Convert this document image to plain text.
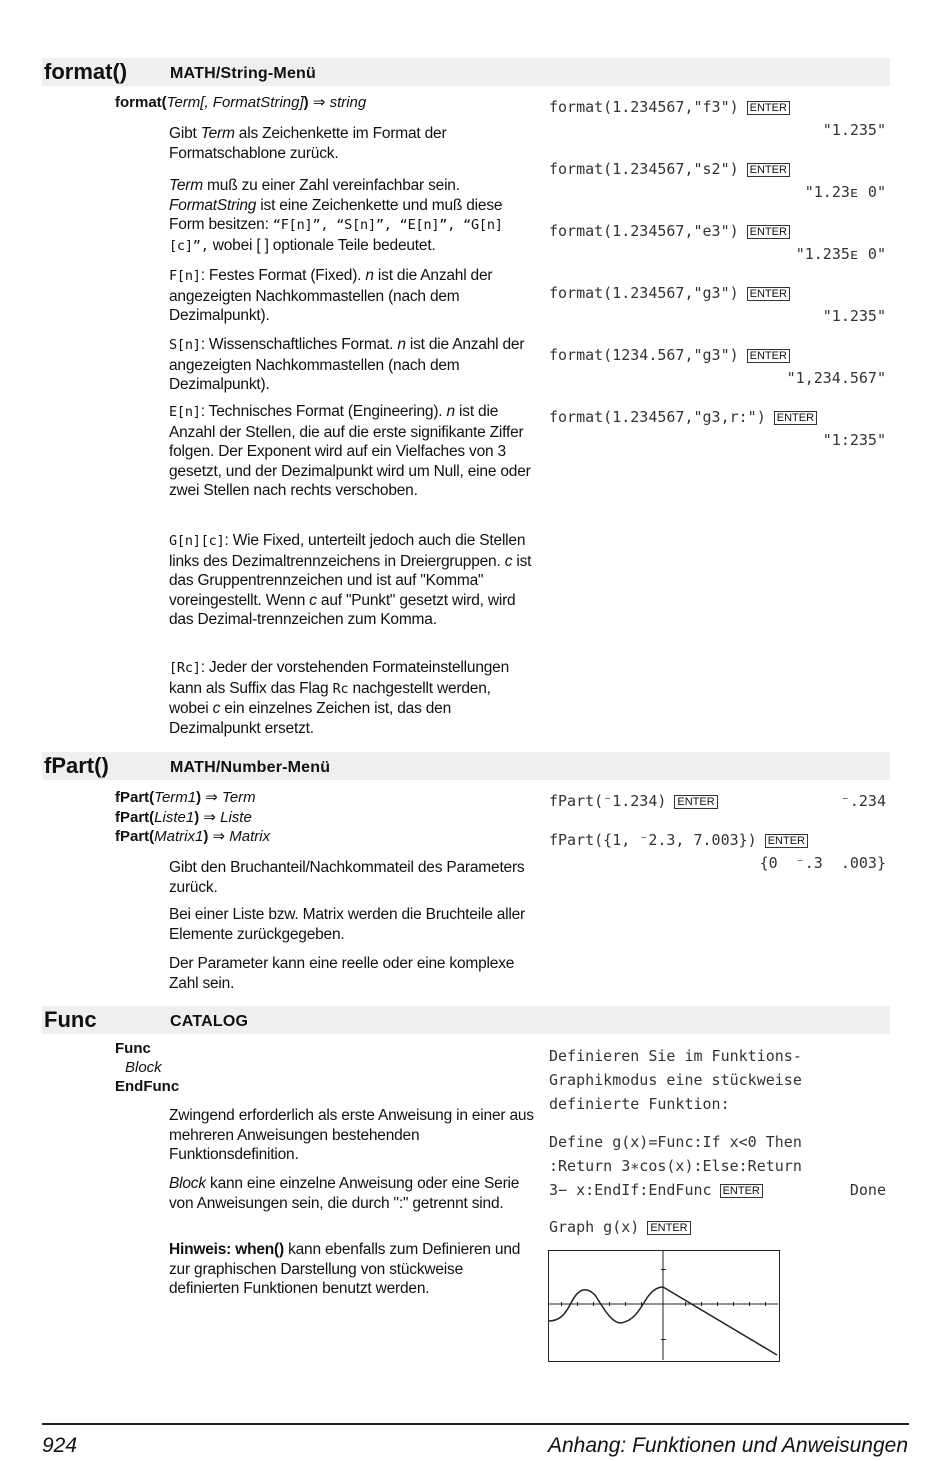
format()	MATH/String-Menü
format(Term[, FormatString]) ⇒ string

Gibt Term als Zeichenkette im Format der Formatschablone zurück.

Term muß zu einer Zahl vereinfachbar sein. FormatString ist eine Zeichenkette und muß diese Form besitzen: “F[n]”, “S[n]”, “E[n]”, “G[n][c]”, wobei [ ] optionale Teile bedeutet.

F[n]: Festes Format (Fixed). n ist die Anzahl der angezeigten Nachkommastellen (nach dem Dezimalpunkt).

S[n]: Wissenschaftliches Format. n ist die Anzahl der angezeigten Nachkommastellen (nach dem Dezimalpunkt).

E[n]: Technisches Format (Engineering). n ist die Anzahl der Stellen, die auf die erste signifikante Ziffer folgen. Der Exponent wird auf ein Vielfaches von 3 gesetzt, und der Dezimalpunkt wird um Null, eine oder zwei Stellen nach rechts verschoben.

G[n][c]: Wie Fixed, unterteilt jedoch auch die Stellen links des Dezimaltrennzeichens in Dreiergruppen. c ist das Gruppentrennzeichen und ist auf "Komma" voreingestellt. Wenn c auf "Punkt" gesetzt wird, wird das Dezimal-trennzeichen zum Komma.

[Rc]: Jeder der vorstehenden Formateinstellungen kann als Suffix das Flag Rc nachgestellt werden, wobei c ein einzelnes Zeichen ist, das den Dezimalpunkt ersetzt.

format(1.234567,"f3") ENTER
"1.235"
format(1.234567,"s2") ENTER
"1.23ᴇ 0"
format(1.234567,"e3") ENTER
"1.235ᴇ 0"
format(1.234567,"g3") ENTER
"1.235"
format(1234.567,"g3") ENTER
"1,234.567"
format(1.234567,"g3,r:") ENTER
"1:235"
fPart()	MATH/Number-Menü
fPart(Term1) ⇒ Term
fPart(Liste1) ⇒ Liste
fPart(Matrix1) ⇒ Matrix
Gibt den Bruchanteil/Nachkommateil des Parameters zurück.
Bei einer Liste bzw. Matrix werden die Bruchteile aller Elemente zurückgegeben.
Der Parameter kann eine reelle oder eine komplexe Zahl sein.
fPart(⁻1.234) ENTER	⁻.234
fPart({1, ⁻2.3, 7.003}) ENTER
{0  ⁻.3  .003}
Func	CATALOG
Func
Block
EndFunc
Zwingend erforderlich als erste Anweisung in einer aus mehreren Anweisungen bestehenden Funktionsdefinition.

Block kann eine einzelne Anweisung oder eine Serie von Anweisungen sein, die durch ":" getrennt sind.

Hinweis: when() kann ebenfalls zum Definieren und zur graphischen Darstellung von stückweise definierten Funktionen benutzt werden.

Definieren Sie im Funktions-
Graphikmodus eine stückweise
definierte Funktion:
Define g(x)=Func:If x<0 Then
:Return 3∗cos(x):Else:Return
3− x:EndIf:EndFunc ENTER	Done
Graph g(x) ENTER
924	Anhang: Funktionen und Anweisungen
